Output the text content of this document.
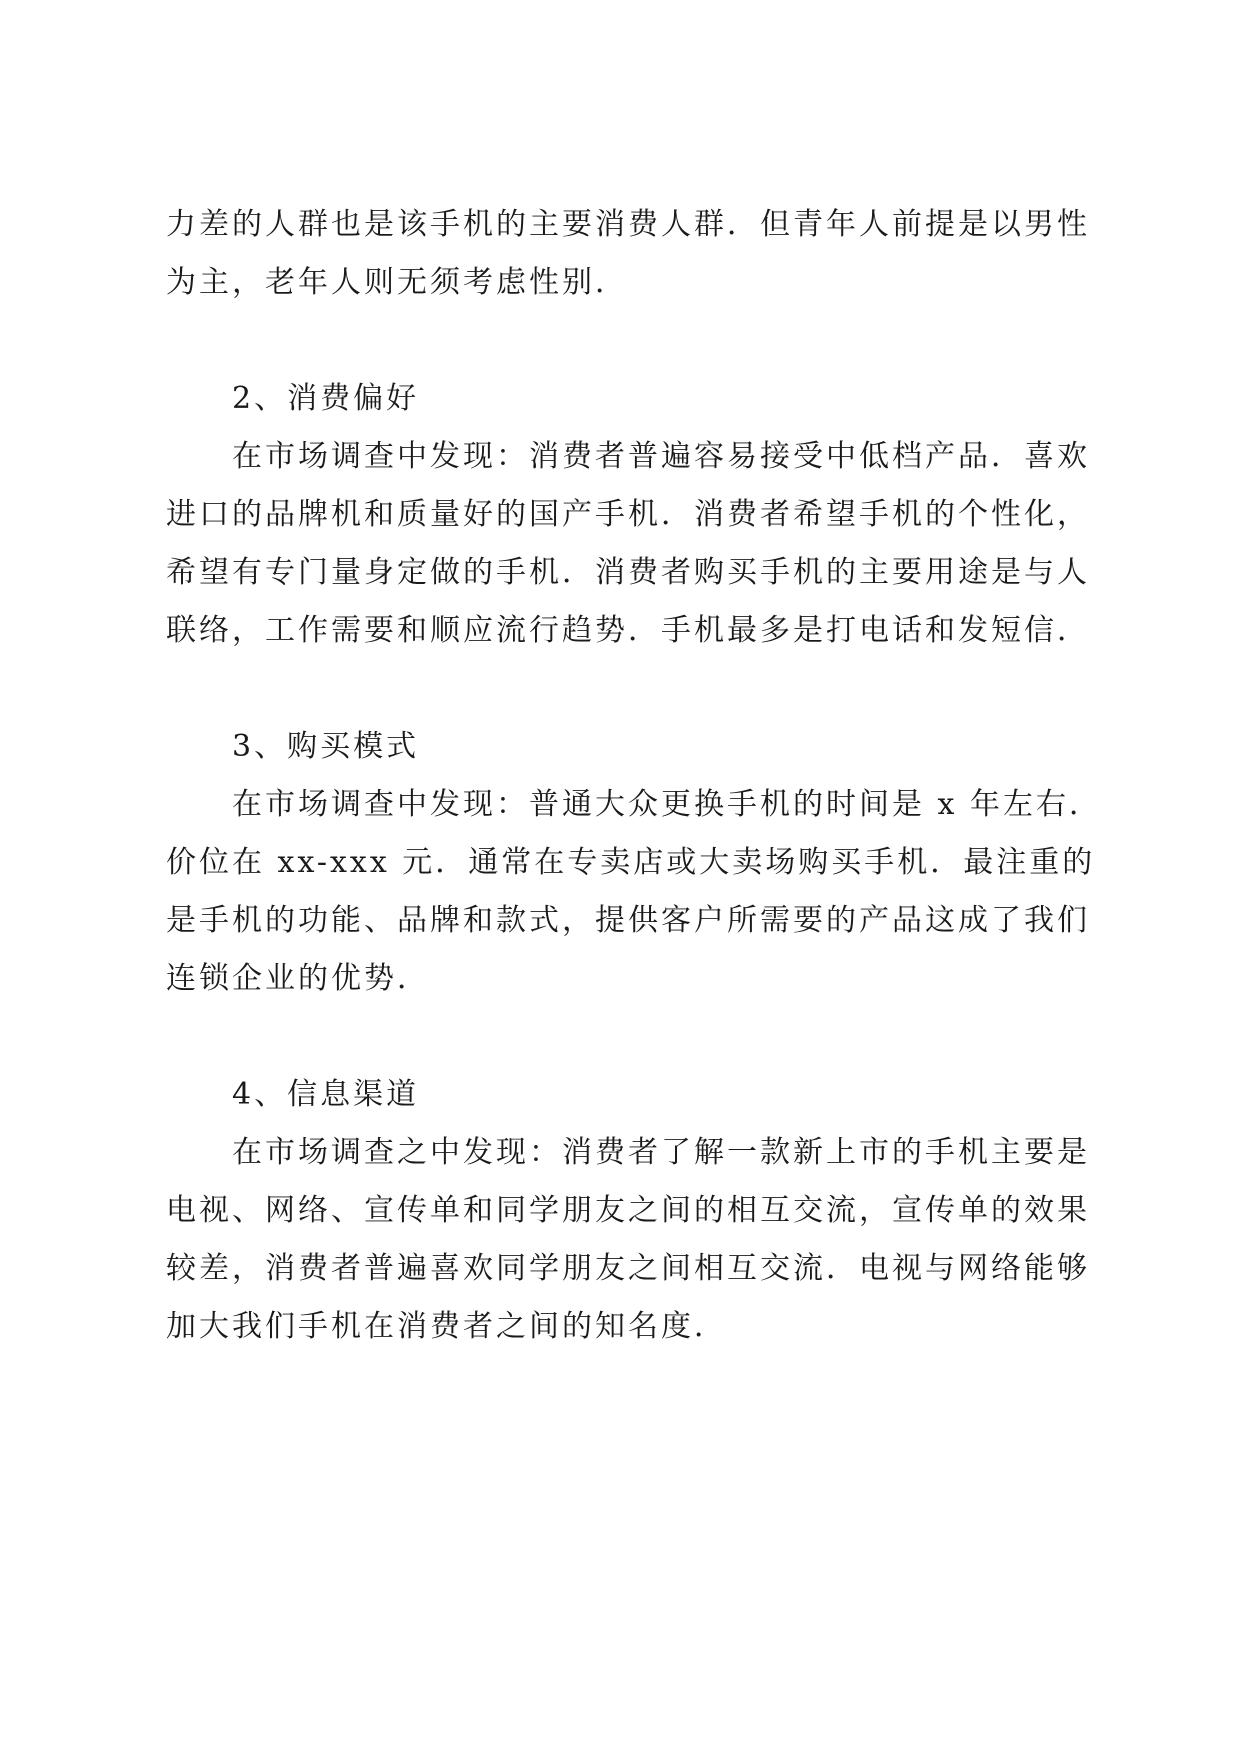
力差的人群也是该手机的主要消费人群．但青年人前提是以男性
为主，老年人则无须考虑性别．
2、消费偏好
在市场调查中发现：消费者普遍容易接受中低档产品．喜欢
进口的品牌机和质量好的国产手机．消费者希望手机的个性化，
希望有专门量身定做的手机．消费者购买手机的主要用途是与人
联络，工作需要和顺应流行趋势．手机最多是打电话和发短信．
3、购买模式
在市场调查中发现：普通大众更换手机的时间是 x 年左右．
价位在 xx-xxx 元．通常在专卖店或大卖场购买手机．最注重的
是手机的功能、品牌和款式，提供客户所需要的产品这成了我们
连锁企业的优势．
4、信息渠道
在市场调查之中发现：消费者了解一款新上市的手机主要是
电视、网络、宣传单和同学朋友之间的相互交流，宣传单的效果
较差，消费者普遍喜欢同学朋友之间相互交流．电视与网络能够
加大我们手机在消费者之间的知名度．
